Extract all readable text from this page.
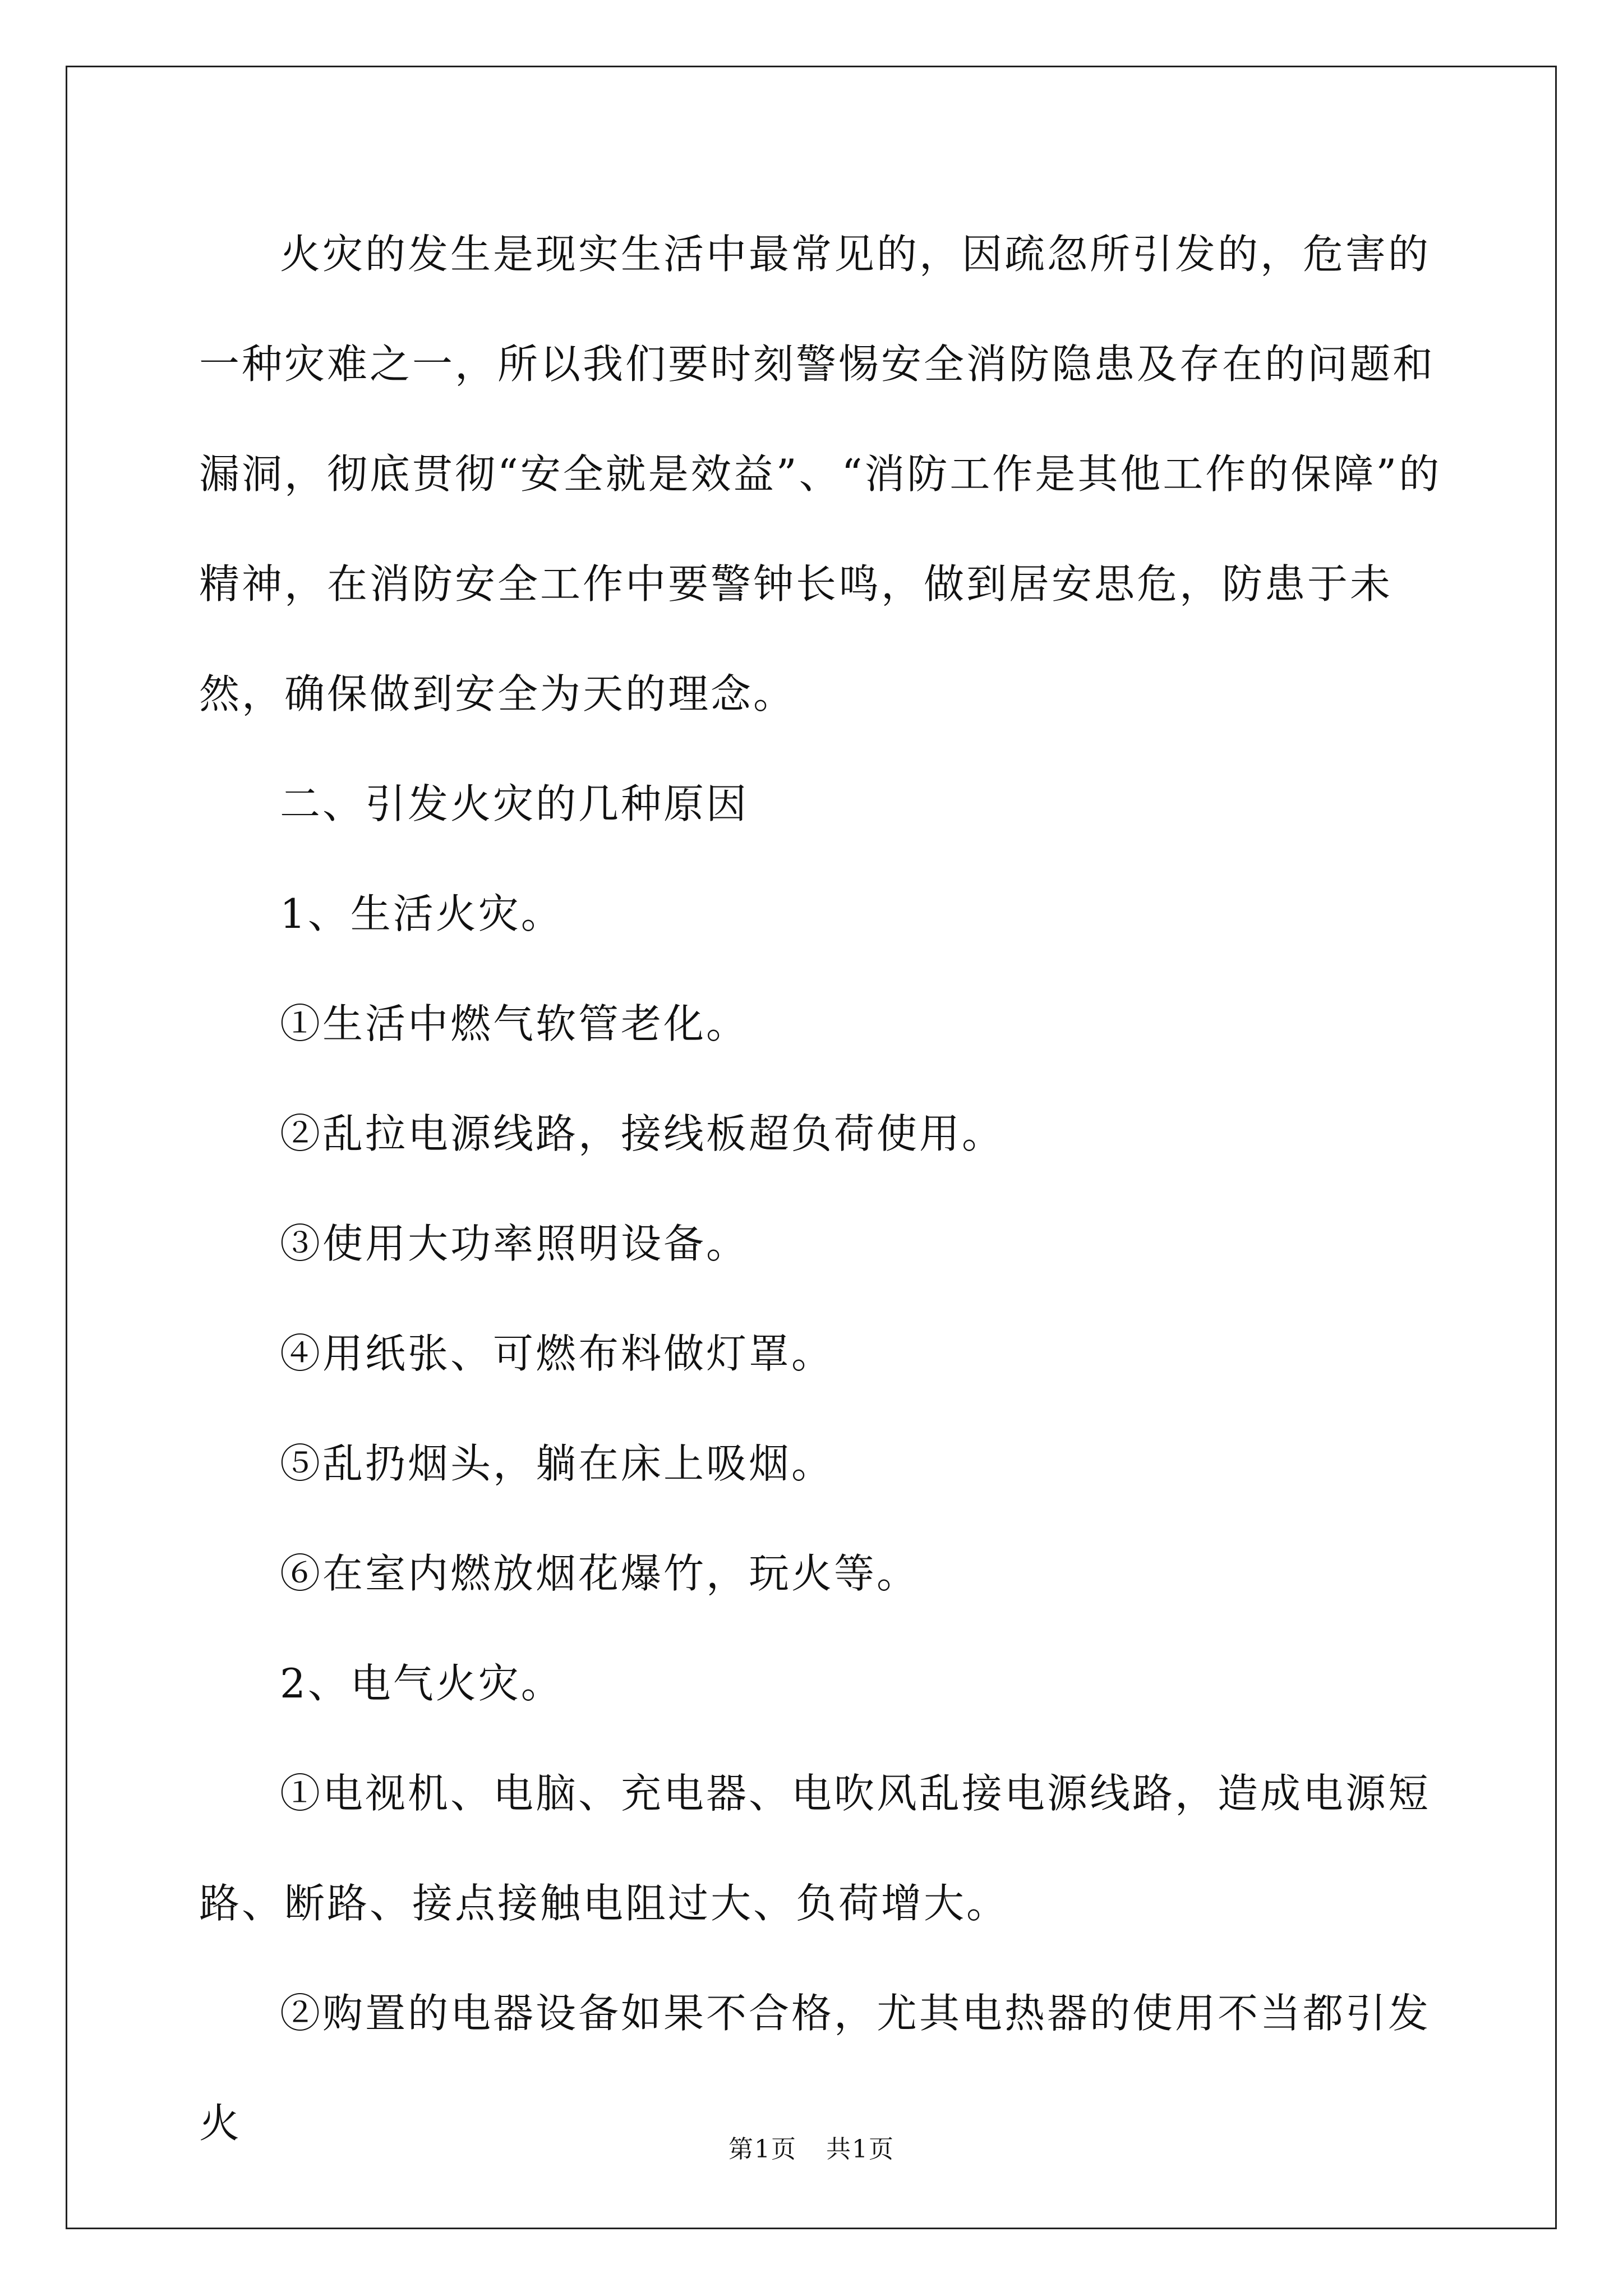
火灾的发生是现实生活中最常见的，因疏忽所引发的，危害的一种灾难之一，所以我们要时刻警惕安全消防隐患及存在的问题和漏洞，彻底贯彻“安全就是效益”、“消防工作是其他工作的保障”的精神，在消防安全工作中要警钟长鸣，做到居安思危，防患于未然，确保做到安全为天的理念。

二、引发火灾的几种原因

1、生活火灾。

①生活中燃气软管老化。

②乱拉电源线路，接线板超负荷使用。

③使用大功率照明设备。

④用纸张、可燃布料做灯罩。

⑤乱扔烟头，躺在床上吸烟。

⑥在室内燃放烟花爆竹，玩火等。

2、电气火灾。

①电视机、电脑、充电器、电吹风乱接电源线路，造成电源短路、断路、接点接触电阻过大、负荷增大。

②购置的电器设备如果不合格，尤其电热器的使用不当都引发火

第1页 共1页
